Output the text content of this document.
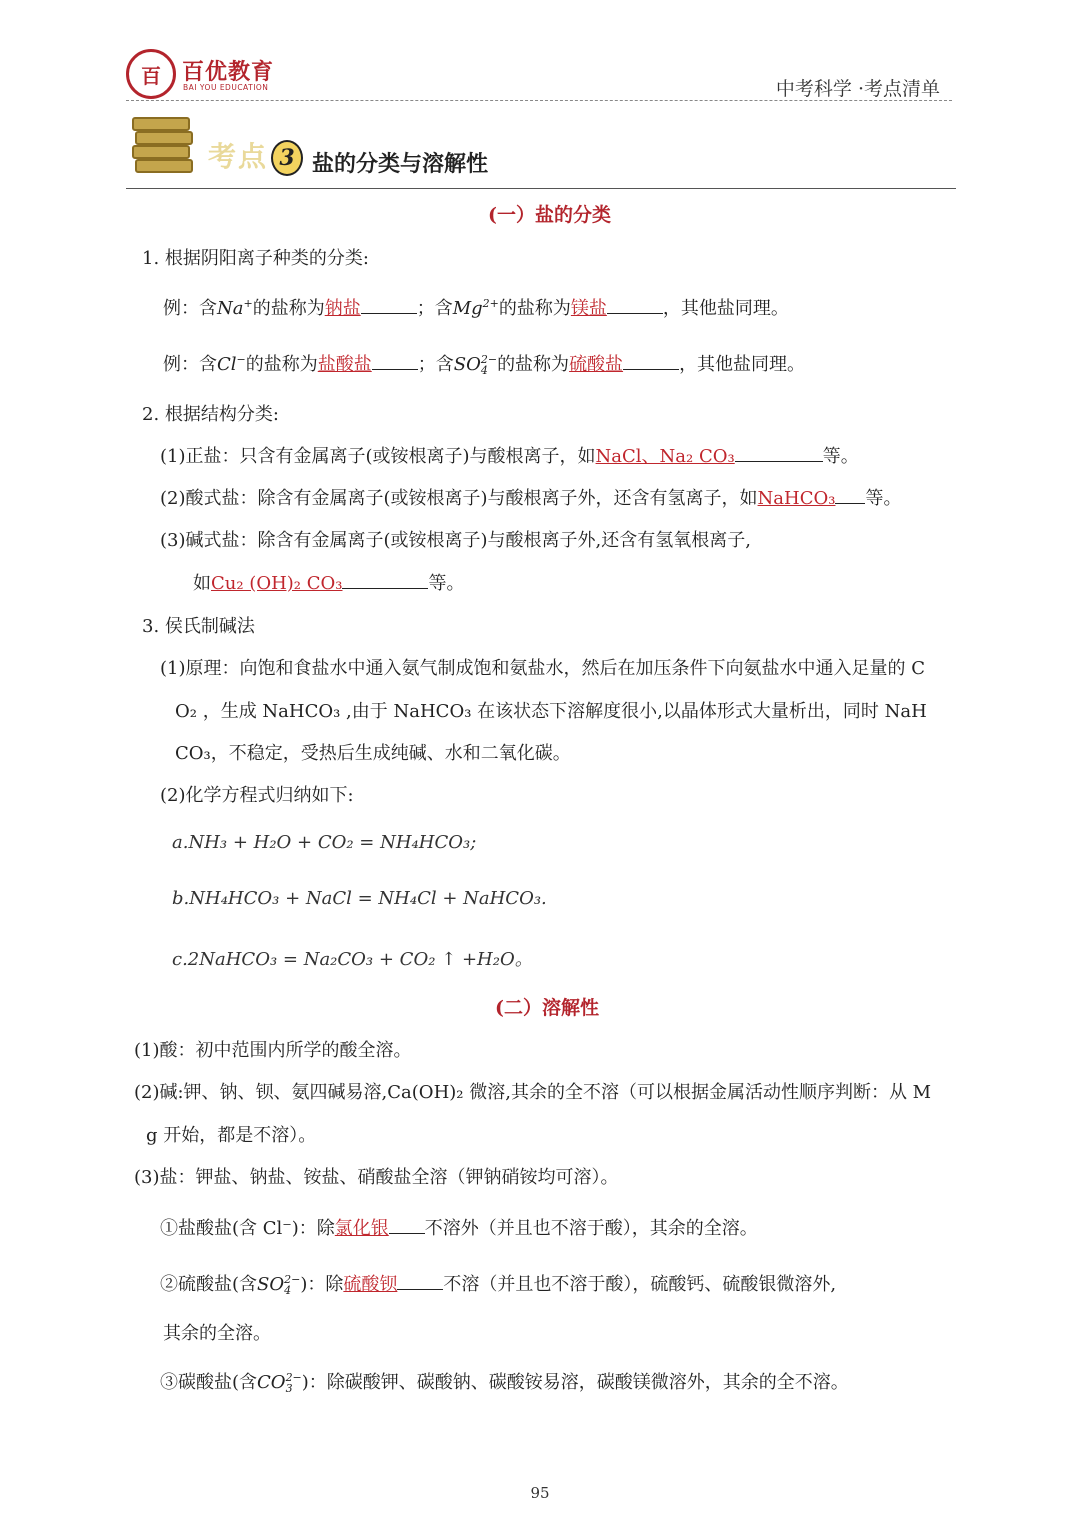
百 百优教育
BAI YOU EDUCATION	中考科学 ·考点清单
考点 3 盐的分类与溶解性
(一）盐的分类
1. 根据阴阳离子种类的分类:
例：含Na+的盐称为钠盐	；含$Mg^{2+}$的盐称为镁盐	，其他盐同理。
例：含Cl−的盐称为盐酸盐	；含SO 2−
4 的盐称为硫酸盐	，其他盐同理。
2. 根据结构分类:
(1)正盐：只含有金属离子(或铵根离子)与酸根离子，如NaCl、Na₂ CO₃	等。
(2)酸式盐：除含有金属离子(或铵根离子)与酸根离子外，还含有氢离子，如NaHCO₃ 等。
(3)碱式盐：除含有金属离子(或铵根离子)与酸根离子外,还含有氢氧根离子,
如Cu₂ (OH)₂ CO₃	等。
3. 侯氏制碱法
(1)原理：向饱和食盐水中通入氨气制成饱和氨盐水，然后在加压条件下向氨盐水中通入足量的 C
O₂ ，生成 NaHCO₃ ,由于 NaHCO₃ 在该状态下溶解度很小,以晶体形式大量析出，同时 NaH
CO₃，不稳定，受热后生成纯碱、水和二氧化碳。
(2)化学方程式归纳如下:
a.NH₃ + H₂O + CO₂ = NH₄HCO₃;
b.NH₄HCO₃ + NaCl = NH₄Cl + NaHCO₃.
c.2NaHCO₃ = Na₂CO₃ + CO₂ ↑ +H₂O。
(二）溶解性
(1)酸：初中范围内所学的酸全溶。
(2)碱:钾、钠、钡、氨四碱易溶,Ca(OH)₂ 微溶,其余的全不溶（可以根据金属活动性顺序判断：从 M
g 开始，都是不溶）。
(3)盐：钾盐、钠盐、铵盐、硝酸盐全溶（钾钠硝铵均可溶）。
①盐酸盐(含 Cl⁻)：除氯化银 不溶外（并且也不溶于酸），其余的全溶。
②硫酸盐(含SO 2−
4 )：除硫酸钡	不溶（并且也不溶于酸），硫酸钙、硫酸银微溶外,
其余的全溶。
③碳酸盐(含CO 2−
3 )：除碳酸钾、碳酸钠、碳酸铵易溶，碳酸镁微溶外，其余的全不溶。
95
